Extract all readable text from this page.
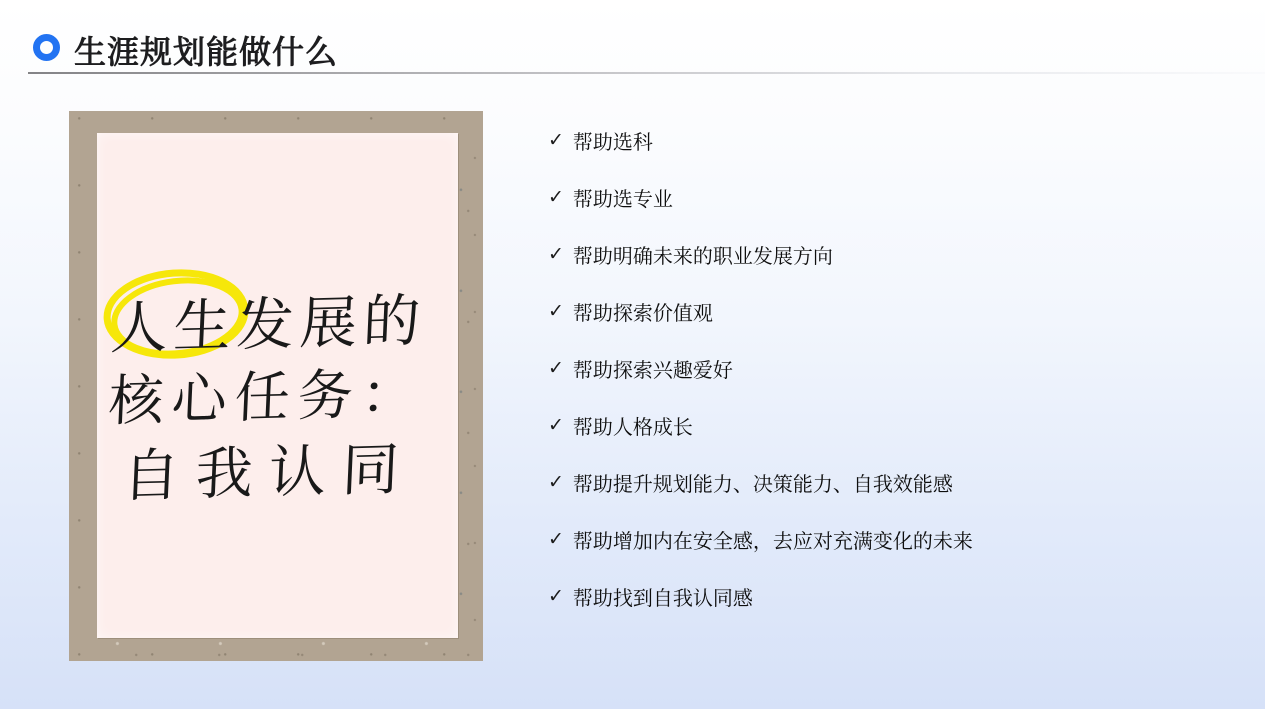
生涯规划能做什么
人生发展的
核心任务：
自我认同
✓ 帮助选科
✓ 帮助选专业
✓ 帮助明确未来的职业发展方向
✓ 帮助探索价值观
✓ 帮助探索兴趣爱好
✓ 帮助人格成长
✓ 帮助提升规划能力、决策能力、自我效能感
✓ 帮助增加内在安全感，去应对充满变化的未来
✓ 帮助找到自我认同感
